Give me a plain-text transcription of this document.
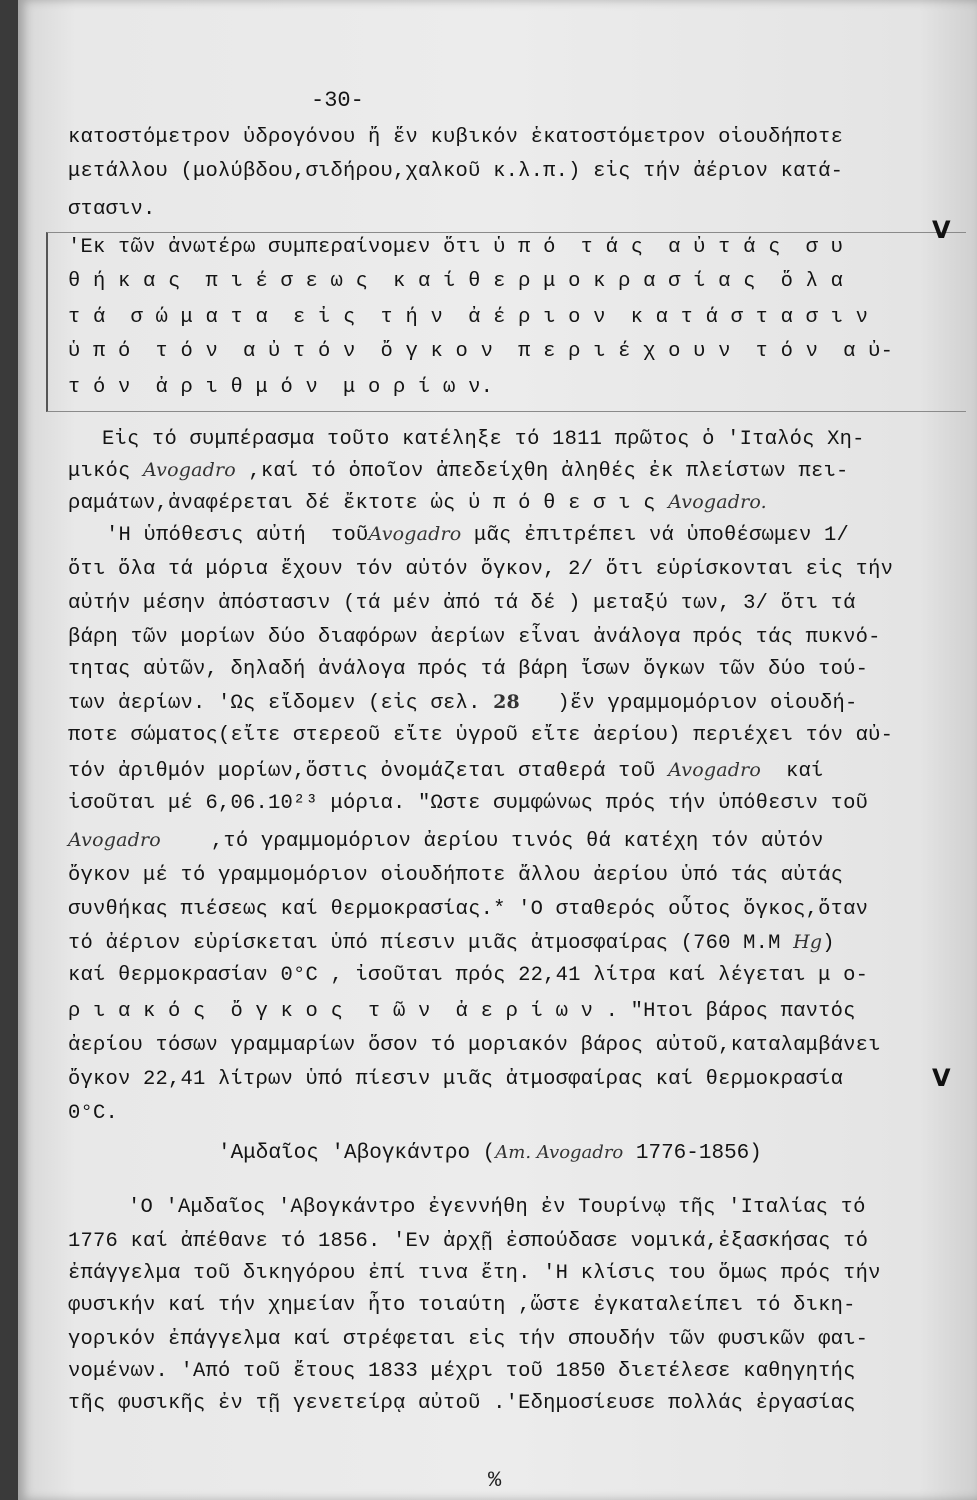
-30-
κατοστόμετρον ὑδρογόνου ἤ ἕν κυβικόν ἑκατοστόμετρον οἱουδήποτε
μετάλλου (μολύβδου,σιδήρου,χαλκοῦ κ.λ.π.) εἰς τήν ἀέριον κατά-
στασιν.
'Εκ τῶν ἀνωτέρω συμπεραίνομεν ὅτι ὑ π ό  τ ά ς  α ὐ τ ά ς  σ υ
V
θ ή κ α ς  π ι έ σ ε ω ς  κ α ί θ ε ρ μ ο κ ρ α σ ί α ς  ὅ λ α
τ ά  σ ώ μ α τ α  ε ἰ ς  τ ή ν  ἀ έ ρ ι ο ν  κ α τ ά σ τ α σ ι ν
ὑ π ό  τ ό ν  α ὐ τ ό ν  ὄ γ κ ο ν  π ε ρ ι έ χ ο υ ν  τ ό ν  α ὐ-
τ ό ν  ἀ ρ ι θ μ ό ν  μ ο ρ ί ω ν.
Εἰς τό συμπέρασμα τοῦτο κατέληξε τό 1811 πρῶτος ὁ 'Ιταλός Χη-
μικός Avogadro ,καί τό ὁποῖον ἀπεδείχθη ἀληθές ἐκ πλείστων πει-
ραμάτων,ἀναφέρεται δέ ἔκτοτε ὡς ὑ π ό θ ε σ ι ς Avogadro.
'Η ὑπόθεσις αὐτή  τοῦAvogadro μᾶς ἐπιτρέπει νά ὑποθέσωμεν 1/
ὅτι ὅλα τά μόρια ἔχουν τόν αὐτόν ὄγκον, 2/ ὅτι εὑρίσκονται εἰς τήν
αὐτήν μέσην ἀπόστασιν (τά μέν ἀπό τά δέ ) μεταξύ των, 3/ ὅτι τά
βάρη τῶν μορίων δύο διαφόρων ἀερίων εἶναι ἀνάλογα πρός τάς πυκνό-
τητας αὐτῶν, δηλαδή ἀνάλογα πρός τά βάρη ἴσων ὄγκων τῶν δύο τού-
των ἀερίων. 'Ως εἴδομεν (εἰς σελ. 28   )ἕν γραμμομόριον οἱουδή-
ποτε σώματος(εἴτε στερεοῦ εἴτε ὑγροῦ εἴτε ἀερίου) περιέχει τόν αὐ-
τόν ἀριθμόν μορίων,ὅστις ὀνομάζεται σταθερά τοῦ Avogadro  καί
ἰσοῦται μέ 6,06.10²³ μόρια. "Ωστε συμφώνως πρός τήν ὑπόθεσιν τοῦ
Avogadro    ,τό γραμμομόριον ἀερίου τινός θά κατέχη τόν αὐτόν
ὄγκον μέ τό γραμμομόριον οἱουδήποτε ἄλλου ἀερίου ὑπό τάς αὐτάς
συνθήκας πιέσεως καί θερμοκρασίας.* 'Ο σταθερός οὗτος ὄγκος,ὅταν
τό ἀέριον εὑρίσκεται ὑπό πίεσιν μιᾶς ἀτμοσφαίρας (760 Μ.Μ Hg)
καί θερμοκρασίαν 0°C , ἰσοῦται πρός 22,41 λίτρα καί λέγεται μ ο-
ρ ι α κ ό ς  ὄ γ κ ο ς  τ ῶ ν  ἀ ε ρ ί ω ν . "Ητοι βάρος παντός
ἀερίου τόσων γραμμαρίων ὅσον τό μοριακόν βάρος αὐτοῦ,καταλαμβάνει
ὄγκον 22,41 λίτρων ὑπό πίεσιν μιᾶς ἀτμοσφαίρας καί θερμοκρασία	V
0°C.
'Αμδαῖος 'Αβογκάντρο (Am. Avogadro 1776-1856)
'Ο 'Αμδαῖος 'Αβογκάντρο ἐγεννήθη ἐν Τουρίνῳ τῆς 'Ιταλίας τό
1776 καί ἀπέθανε τό 1856. 'Εν ἀρχῇ ἐσπούδασε νομικά,ἐξασκήσας τό
ἐπάγγελμα τοῦ δικηγόρου ἐπί τινα ἔτη. 'Η κλίσις του ὅμως πρός τήν
φυσικήν καί τήν χημείαν ἦτο τοιαύτη ,ὥστε ἐγκαταλείπει τό δικη-
γορικόν ἐπάγγελμα καί στρέφεται εἰς τήν σπουδήν τῶν φυσικῶν φαι-
νομένων. 'Από τοῦ ἔτους 1833 μέχρι τοῦ 1850 διετέλεσε καθηγητής
τῆς φυσικῆς ἐν τῇ γενετείρᾳ αὐτοῦ .'Εδημοσίευσε πολλάς ἐργασίας
%
